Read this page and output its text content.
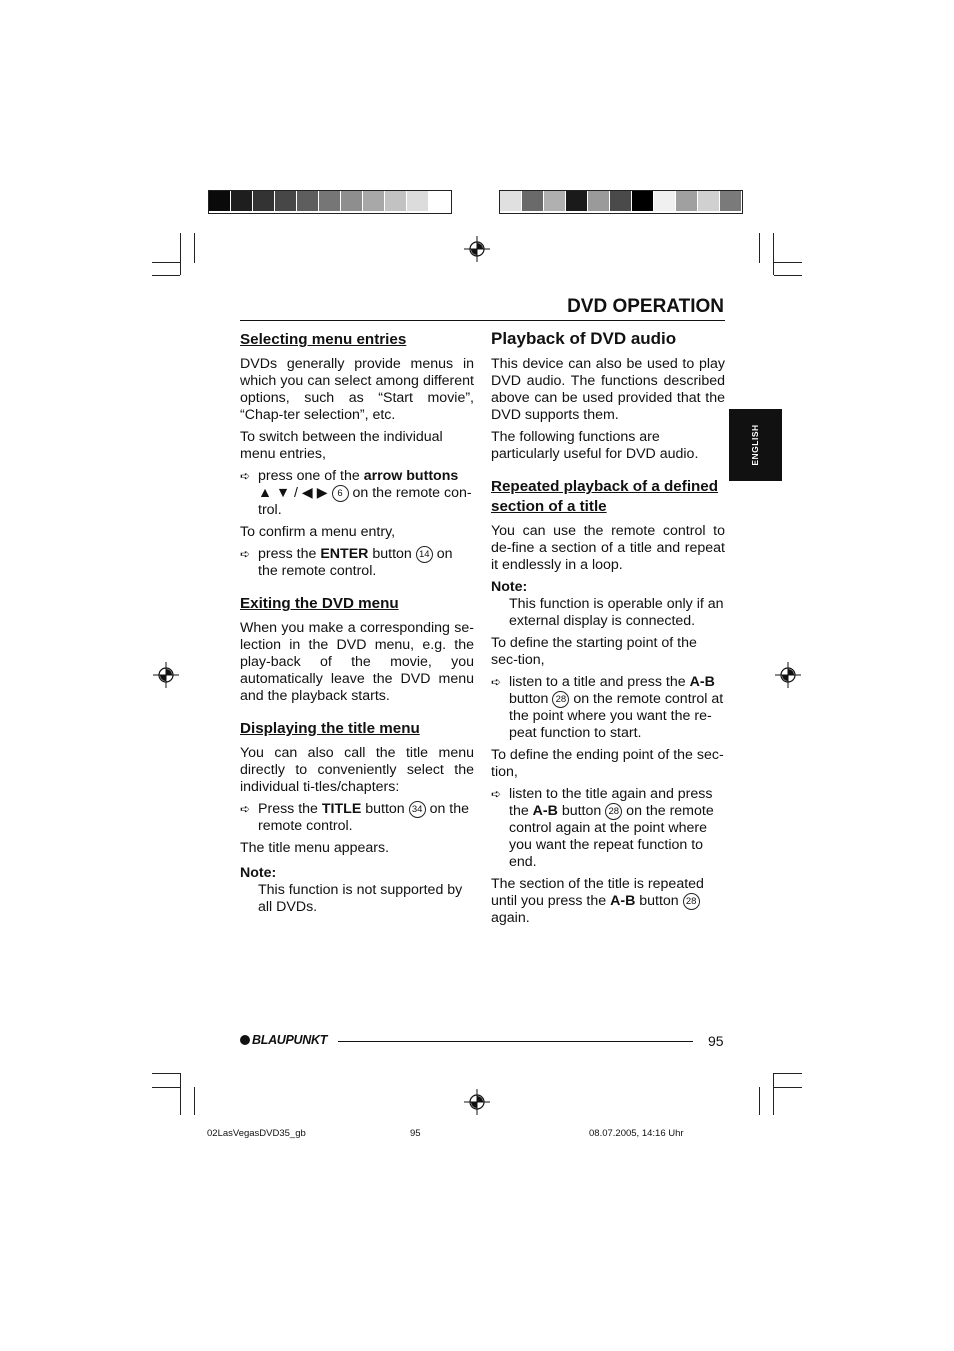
DVD OPERATION
ENGLISH

Selecting menu entries

DVDs generally provide menus in which you can select among different options, such as “Start movie”, “Chap-ter selection”, etc.

To switch between the individual menu entries,

➪ press one of the arrow buttons
▲ ▼ / ◀ ▶ 6 on the remote con-trol.

To confirm a menu entry,

➪ press the ENTER button 14 on the remote control.

Exiting the DVD menu

When you make a corresponding se-lection in the DVD menu, e.g. the play-back of the movie, you automatically leave the DVD menu and the playback starts.

Displaying the title menu

You can also call the title menu directly to conveniently select the individual ti-tles/chapters:

➪ Press the TITLE button 34 on the remote control.

The title menu appears.

Note:

This function is not supported by all DVDs.

Playback of DVD audio

This device can also be used to play DVD audio. The functions described above can be used provided that the DVD supports them.

The following functions are particularly useful for DVD audio.

Repeated playback of a defined section of a title

You can use the remote control to de-fine a section of a title and repeat it endlessly in a loop.

Note:

This function is operable only if an external display is connected.

To define the starting point of the sec-tion,

➪ listen to a title and press the A-B button 28 on the remote control at the point where you want the re-peat function to start.

To define the ending point of the sec-tion,

➪ listen to the title again and press the A-B button 28 on the remote control again at the point where you want the repeat function to end.

The section of the title is repeated until you press the A-B button 28 again.

BLAUPUNKT	95
02LasVegasDVD35_gb	95	08.07.2005, 14:16 Uhr
